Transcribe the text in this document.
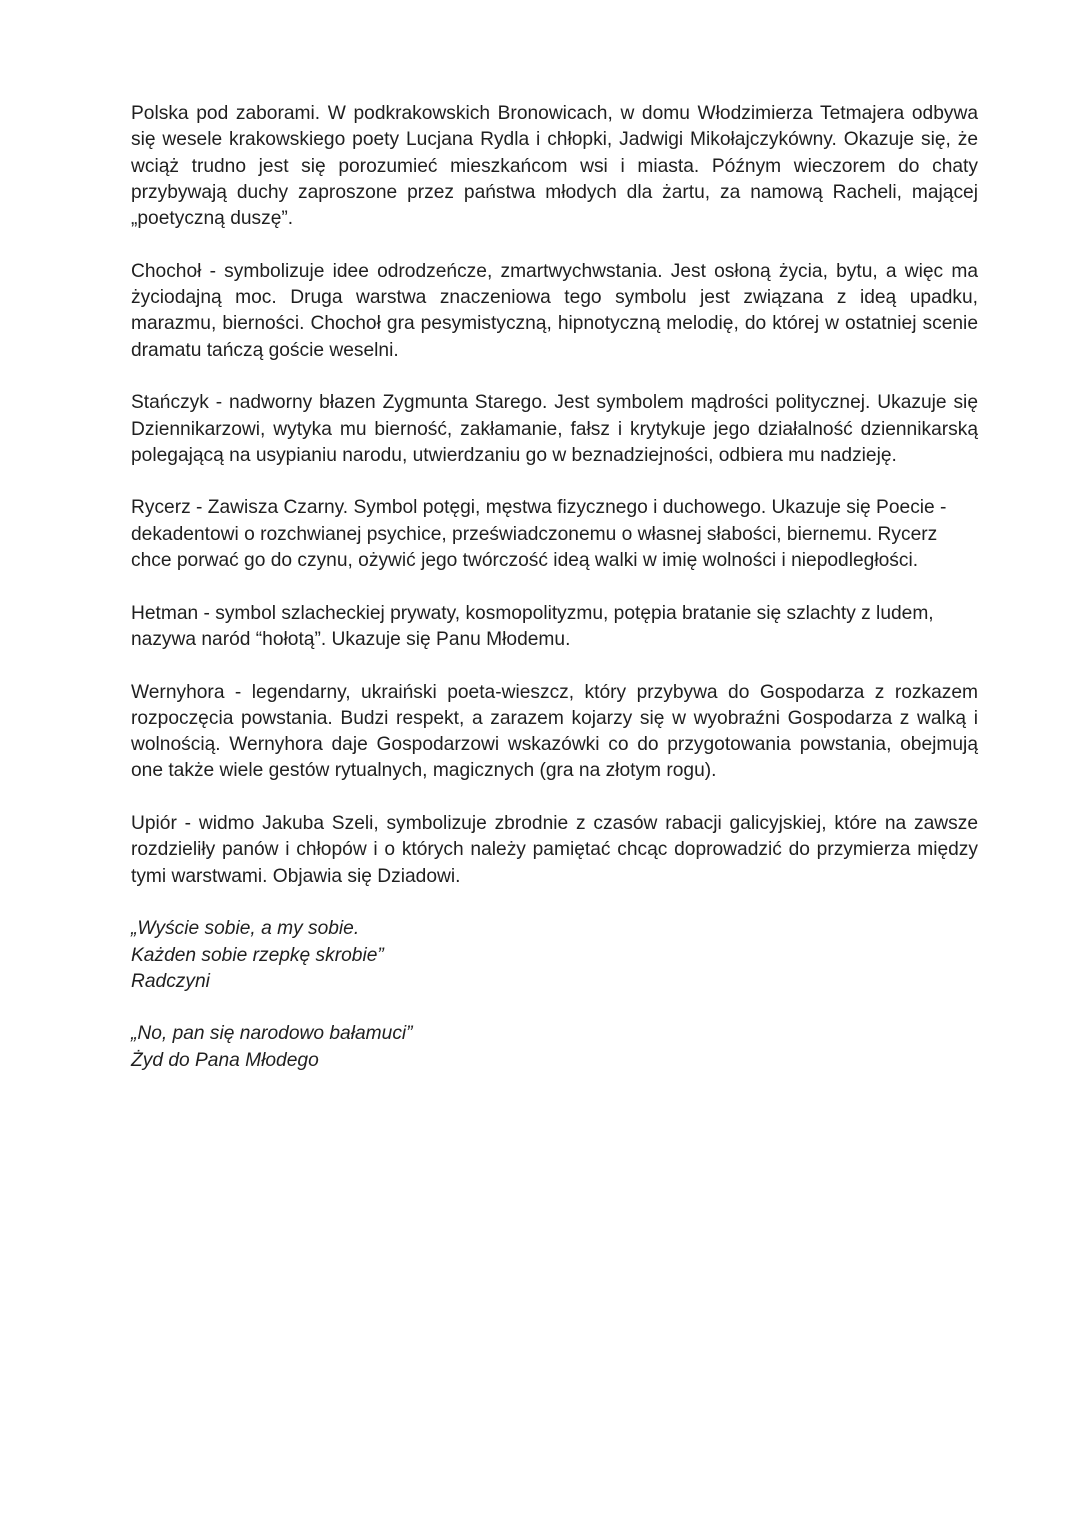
Polska pod zaborami. W podkrakowskich Bronowicach, w domu Włodzimierza Tetmajera odbywa się wesele krakowskiego poety Lucjana Rydla i chłopki, Jadwigi Mikołajczykówny. Okazuje się, że wciąż trudno jest się porozumieć mieszkańcom wsi i miasta. Późnym wieczorem do chaty przybywają duchy zaproszone przez państwa młodych dla żartu, za namową Racheli, mającej „poetyczną duszę”.

Chochoł - symbolizuje idee odrodzeńcze, zmartwychwstania. Jest osłoną życia, bytu, a więc ma życiodajną moc. Druga warstwa znaczeniowa tego symbolu jest związana z ideą upadku, marazmu, bierności. Chochoł gra pesymistyczną, hipnotyczną melodię, do której w ostatniej scenie dramatu tańczą goście weselni.

Stańczyk - nadworny błazen Zygmunta Starego. Jest symbolem mądrości politycznej. Ukazuje się Dziennikarzowi, wytyka mu bierność, zakłamanie, fałsz i krytykuje jego działalność dziennikarską polegającą na usypianiu narodu, utwierdzaniu go w beznadziejności, odbiera mu nadzieję.

Rycerz - Zawisza Czarny. Symbol potęgi, męstwa fizycznego i duchowego. Ukazuje się Poecie - dekadentowi o rozchwianej psychice, przeświadczonemu o własnej słabości, biernemu. Rycerz chce porwać go do czynu, ożywić jego twórczość ideą walki w imię wolności i niepodległości.

Hetman - symbol szlacheckiej prywaty, kosmopolityzmu, potępia bratanie się szlachty z ludem, nazywa naród “hołotą”. Ukazuje się Panu Młodemu.

Wernyhora - legendarny, ukraiński poeta-wieszcz, który przybywa do Gospodarza z rozkazem rozpoczęcia powstania. Budzi respekt, a zarazem kojarzy się w wyobraźni Gospodarza z walką i wolnością. Wernyhora daje Gospodarzowi wskazówki co do przygotowania powstania, obejmują one także wiele gestów rytualnych, magicznych (gra na złotym rogu).

Upiór - widmo Jakuba Szeli, symbolizuje zbrodnie z czasów rabacji galicyjskiej, które na zawsze rozdzieliły panów i chłopów i o których należy pamiętać chcąc doprowadzić do przymierza między tymi warstwami. Objawia się Dziadowi.

„Wyście sobie, a my sobie.
Każden sobie rzepkę skrobie”
Radczyni
„No, pan się narodowo bałamuci”
Żyd do Pana Młodego
